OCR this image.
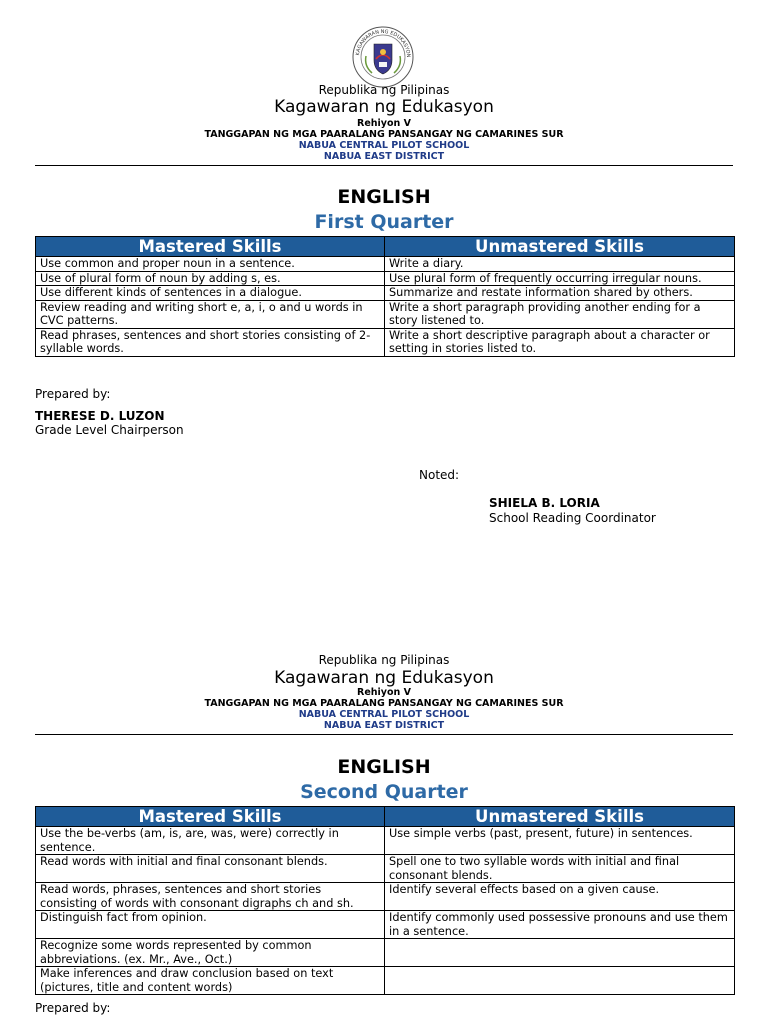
KAGAWARAN NG EDUKASYON
Republika ng Pilipinas
Kagawaran ng Edukasyon
Rehiyon V
TANGGAPAN NG MGA PAARALANG PANSANGAY NG CAMARINES SUR
NABUA CENTRAL PILOT SCHOOL
NABUA EAST DISTRICT
ENGLISH
First Quarter
Mastered Skills	Unmastered Skills
Use common and proper noun in a sentence.	Write a diary.
Use of plural form of noun by adding s, es.	Use plural form of frequently occurring irregular nouns.
Use different kinds of sentences in a dialogue.	Summarize and restate information shared by others.
Review reading and writing short e, a, i, o and u words in CVC patterns.	Write a short paragraph providing another ending for a story listened to.
Read phrases, sentences and short stories consisting of 2-syllable words.	Write a short descriptive paragraph about a character or setting in stories listed to.
Prepared by:
THERESE D. LUZON
Grade Level Chairperson
Noted:
SHIELA B. LORIA
School Reading Coordinator
Republika ng Pilipinas
Kagawaran ng Edukasyon
Rehiyon V
TANGGAPAN NG MGA PAARALANG PANSANGAY NG CAMARINES SUR
NABUA CENTRAL PILOT SCHOOL
NABUA EAST DISTRICT
ENGLISH
Second Quarter
Mastered Skills	Unmastered Skills
Use the be-verbs (am, is, are, was, were) correctly in sentence.	Use simple verbs (past, present, future) in sentences.
Read words with initial and final consonant blends.	Spell one to two syllable words with initial and final consonant blends.
Read words, phrases, sentences and short stories consisting of words with consonant digraphs ch and sh.	Identify several effects based on a given cause.
Distinguish fact from opinion.	Identify commonly used possessive pronouns and use them in a sentence.
Recognize some words represented by common abbreviations. (ex. Mr., Ave., Oct.)	
Make inferences and draw conclusion based on text (pictures, title and content words)	
Prepared by:
